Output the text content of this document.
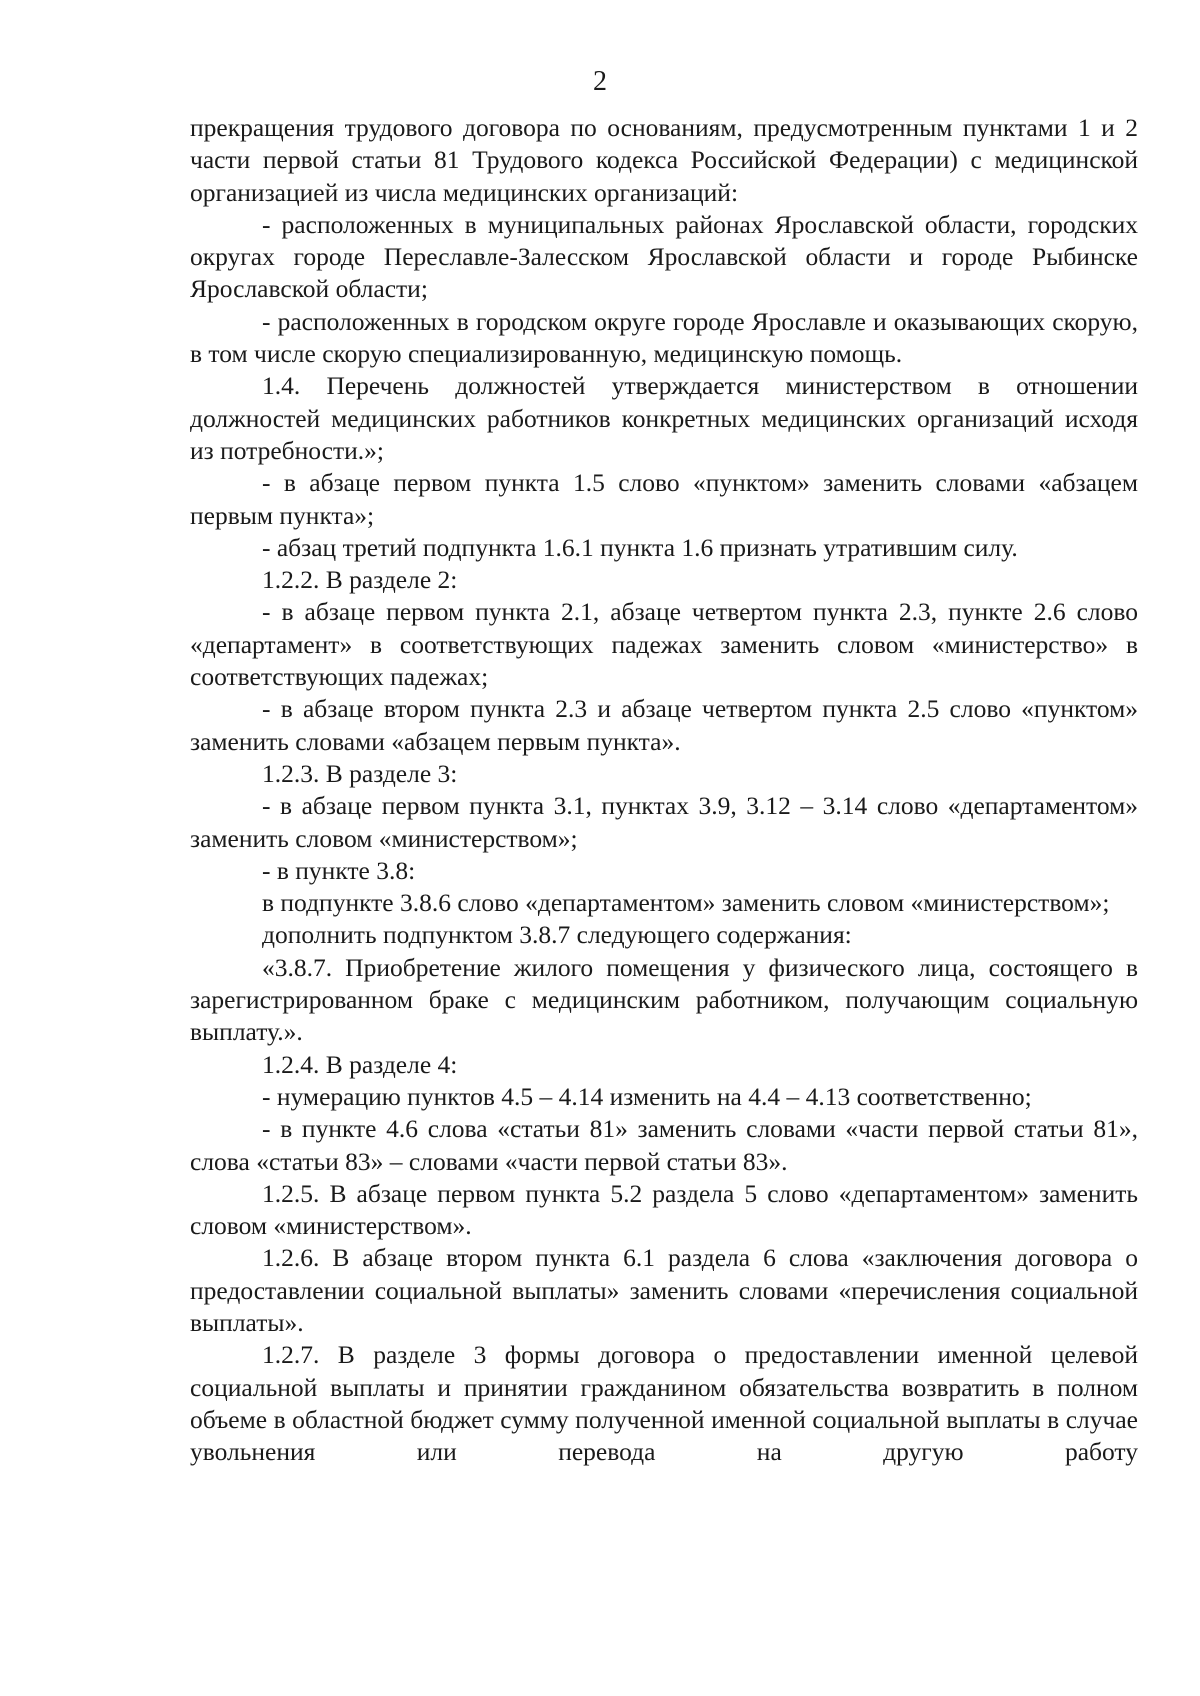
2

прекращения трудового договора по основаниям, предусмотренным пунктами 1 и 2 части первой статьи 81 Трудового кодекса Российской Федерации) с медицинской организацией из числа медицинских организаций:

- расположенных в муниципальных районах Ярославской области, городских округах городе Переславле-Залесском Ярославской области и городе Рыбинске Ярославской области;

- расположенных в городском округе городе Ярославле и оказывающих скорую, в том числе скорую специализированную, медицинскую помощь.

1.4. Перечень должностей утверждается министерством в отношении должностей медицинских работников конкретных медицинских организаций исходя из потребности.»;

- в абзаце первом пункта 1.5 слово «пунктом» заменить словами «абзацем первым пункта»;

- абзац третий подпункта 1.6.1 пункта 1.6 признать утратившим силу.

1.2.2. В разделе 2:

- в абзаце первом пункта 2.1, абзаце четвертом пункта 2.3, пункте 2.6 слово «департамент» в соответствующих падежах заменить словом «министерство» в соответствующих падежах;

- в абзаце втором пункта 2.3 и абзаце четвертом пункта 2.5 слово «пунктом» заменить словами «абзацем первым пункта».

1.2.3. В разделе 3:

- в абзаце первом пункта 3.1, пунктах 3.9, 3.12 – 3.14 слово «департаментом» заменить словом «министерством»;

- в пункте 3.8:

в подпункте 3.8.6 слово «департаментом» заменить словом «министерством»;

дополнить подпунктом 3.8.7 следующего содержания:

«3.8.7. Приобретение жилого помещения у физического лица, состоящего в зарегистрированном браке с медицинским работником, получающим социальную выплату.».

1.2.4. В разделе 4:

- нумерацию пунктов 4.5 – 4.14 изменить на 4.4 – 4.13 соответственно;

- в пункте 4.6 слова «статьи 81» заменить словами «части первой статьи 81», слова «статьи 83» – словами «части первой статьи 83».

1.2.5. В абзаце первом пункта 5.2 раздела 5 слово «департаментом» заменить словом «министерством».

1.2.6. В абзаце втором пункта 6.1 раздела 6 слова «заключения договора о предоставлении социальной выплаты» заменить словами «перечисления социальной выплаты».

1.2.7. В разделе 3 формы договора о предоставлении именной целевой социальной выплаты и принятии гражданином обязательства возвратить в полном объеме в областной бюджет сумму полученной именной социальной выплаты в случае увольнения или перевода на другую работу
